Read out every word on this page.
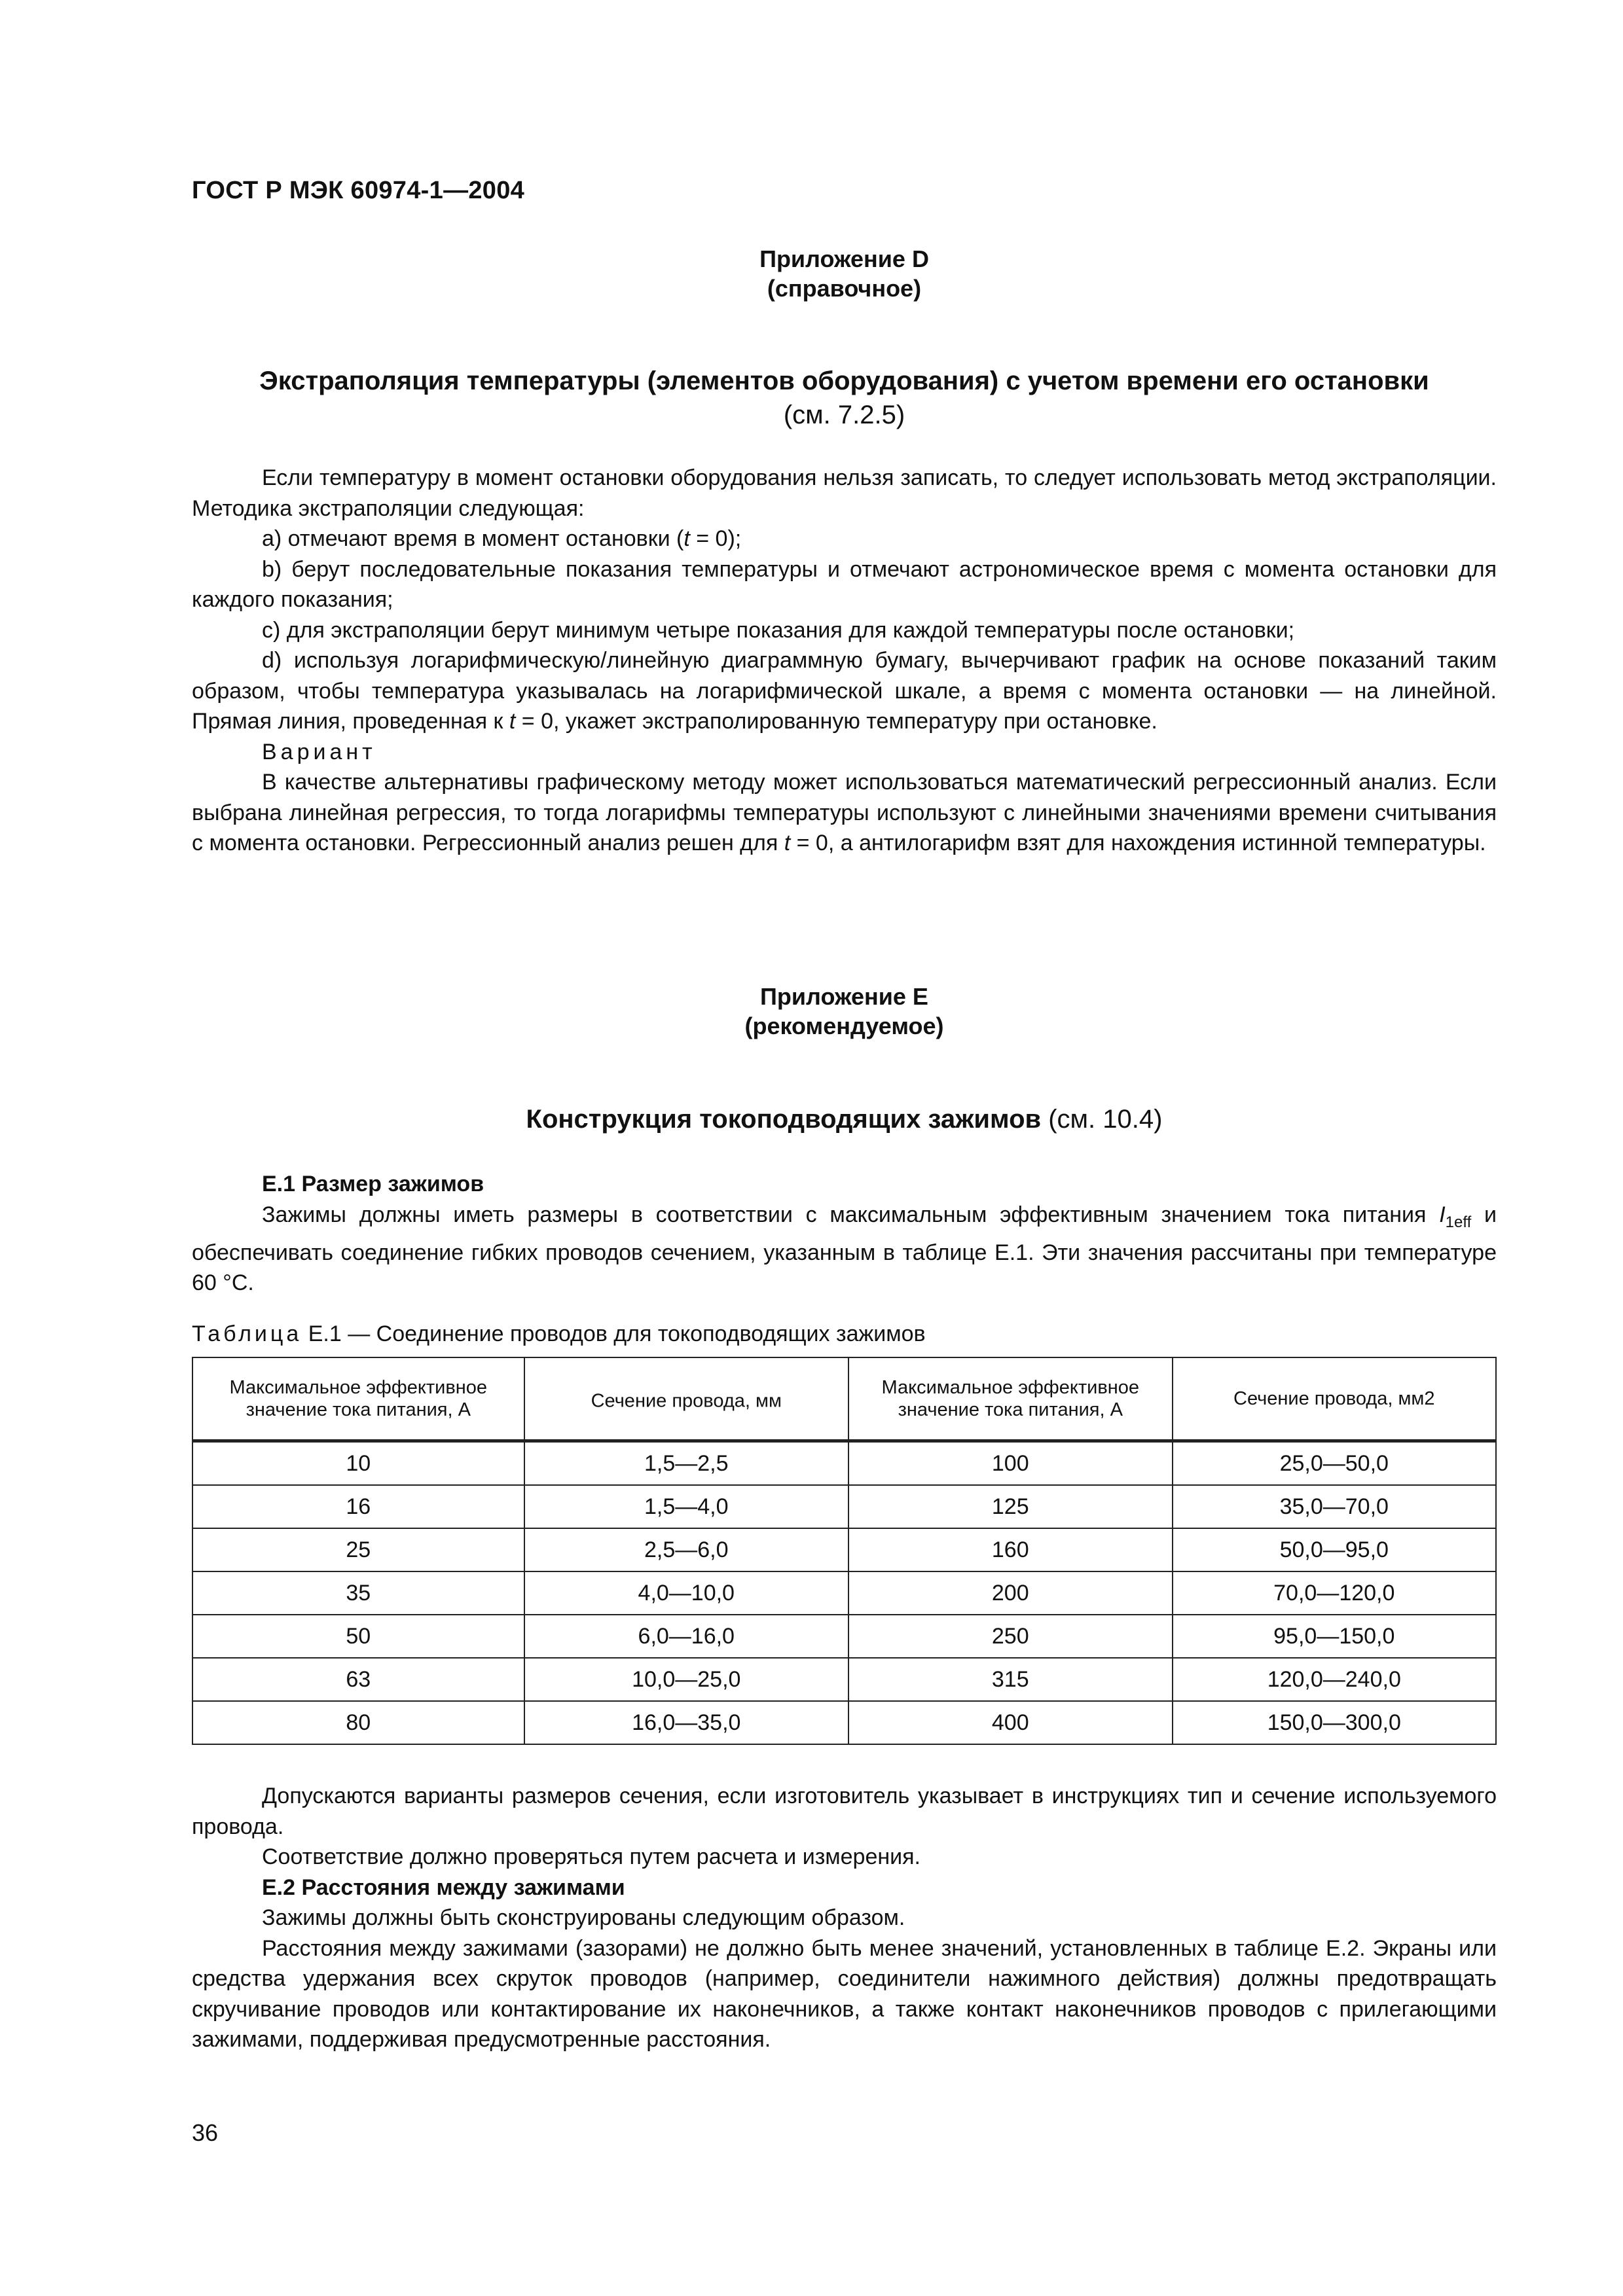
ГОСТ Р МЭК 60974-1—2004
Приложение D
(справочное)
Экстраполяция температуры (элементов оборудования) с учетом времени его остановки
(см. 7.2.5)

Если температуру в момент остановки оборудования нельзя записать, то следует использовать метод экстраполяции. Методика экстраполяции следующая:

a) отмечают время в момент остановки (t = 0);

b) берут последовательные показания температуры и отмечают астрономическое время с момента остановки для каждого показания;

c) для экстраполяции берут минимум четыре показания для каждой температуры после остановки;

d) используя логарифмическую/линейную диаграммную бумагу, вычерчивают график на основе показаний таким образом, чтобы температура указывалась на логарифмической шкале, а время с момента остановки — на линейной. Прямая линия, проведенная к t = 0, укажет экстраполированную температуру при остановке.

Вариант

В качестве альтернативы графическому методу может использоваться математический регрессионный анализ. Если выбрана линейная регрессия, то тогда логарифмы температуры используют с линейными значениями времени считывания с момента остановки. Регрессионный анализ решен для t = 0, а антилогарифм взят для нахождения истинной температуры.

Приложение E
(рекомендуемое)
Конструкция токоподводящих зажимов (см. 10.4)

E.1 Размер зажимов

Зажимы должны иметь размеры в соответствии с максимальным эффективным значением тока питания $I_{1eff}$ и обеспечивать соединение гибких проводов сечением, указанным в таблице E.1. Эти значения рассчитаны при температуре 60 °С.

Таблица E.1 — Соединение проводов для токоподводящих зажимов
Максимальное эффективное значение тока питания, А	Сечение провода, мм	Максимальное эффективное значение тока питания, А	Сечение провода, мм2
10	1,5—2,5	100	25,0—50,0
16	1,5—4,0	125	35,0—70,0
25	2,5—6,0	160	50,0—95,0
35	4,0—10,0	200	70,0—120,0
50	6,0—16,0	250	95,0—150,0
63	10,0—25,0	315	120,0—240,0
80	16,0—35,0	400	150,0—300,0

Допускаются варианты размеров сечения, если изготовитель указывает в инструкциях тип и сечение используемого провода.

Соответствие должно проверяться путем расчета и измерения.

E.2 Расстояния между зажимами

Зажимы должны быть сконструированы следующим образом.

Расстояния между зажимами (зазорами) не должно быть менее значений, установленных в таблице E.2. Экраны или средства удержания всех скруток проводов (например, соединители нажимного действия) должны предотвращать скручивание проводов или контактирование их наконечников, а также контакт наконечников проводов с прилегающими зажимами, поддерживая предусмотренные расстояния.

36
